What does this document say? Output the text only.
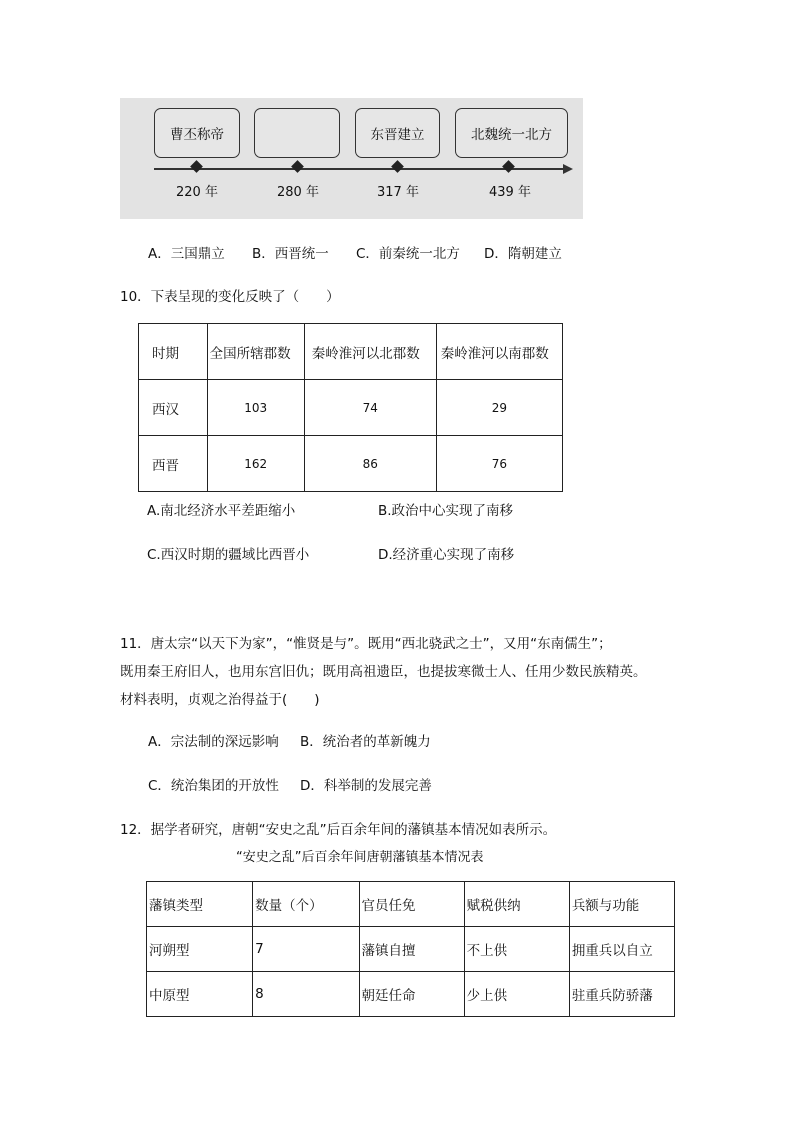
曹丕称帝	东晋建立	北魏统一北方
220 年	280 年	317 年	439 年
A．三国鼎立 B．西晋统一 C．前秦统一北方 D．隋朝建立
10．下表呈现的变化反映了（　　）
时期	全国所辖郡数	秦岭淮河以北郡数	秦岭淮河以南郡数
西汉	103	74	29
西晋	162	86	76
A.南北经济水平差距缩小	B.政治中心实现了南移
C.西汉时期的疆域比西晋小	D.经济重心实现了南移
11．唐太宗“以天下为家”，“惟贤是与”。既用“西北骁武之士”，又用“东南儒生”；
既用秦王府旧人，也用东宫旧仇；既用高祖遗臣，也提拔寒微士人、任用少数民族精英。
材料表明，贞观之治得益于(　　)
A．宗法制的深远影响 B．统治者的革新魄力
C．统治集团的开放性 D．科举制的发展完善
12．据学者研究，唐朝“安史之乱”后百余年间的藩镇基本情况如表所示。
“安史之乱”后百余年间唐朝藩镇基本情况表
藩镇类型	数量（个）	官员任免	赋税供纳	兵额与功能
河朔型	7	藩镇自擅	不上供	拥重兵以自立
中原型	8	朝廷任命	少上供	驻重兵防骄藩
